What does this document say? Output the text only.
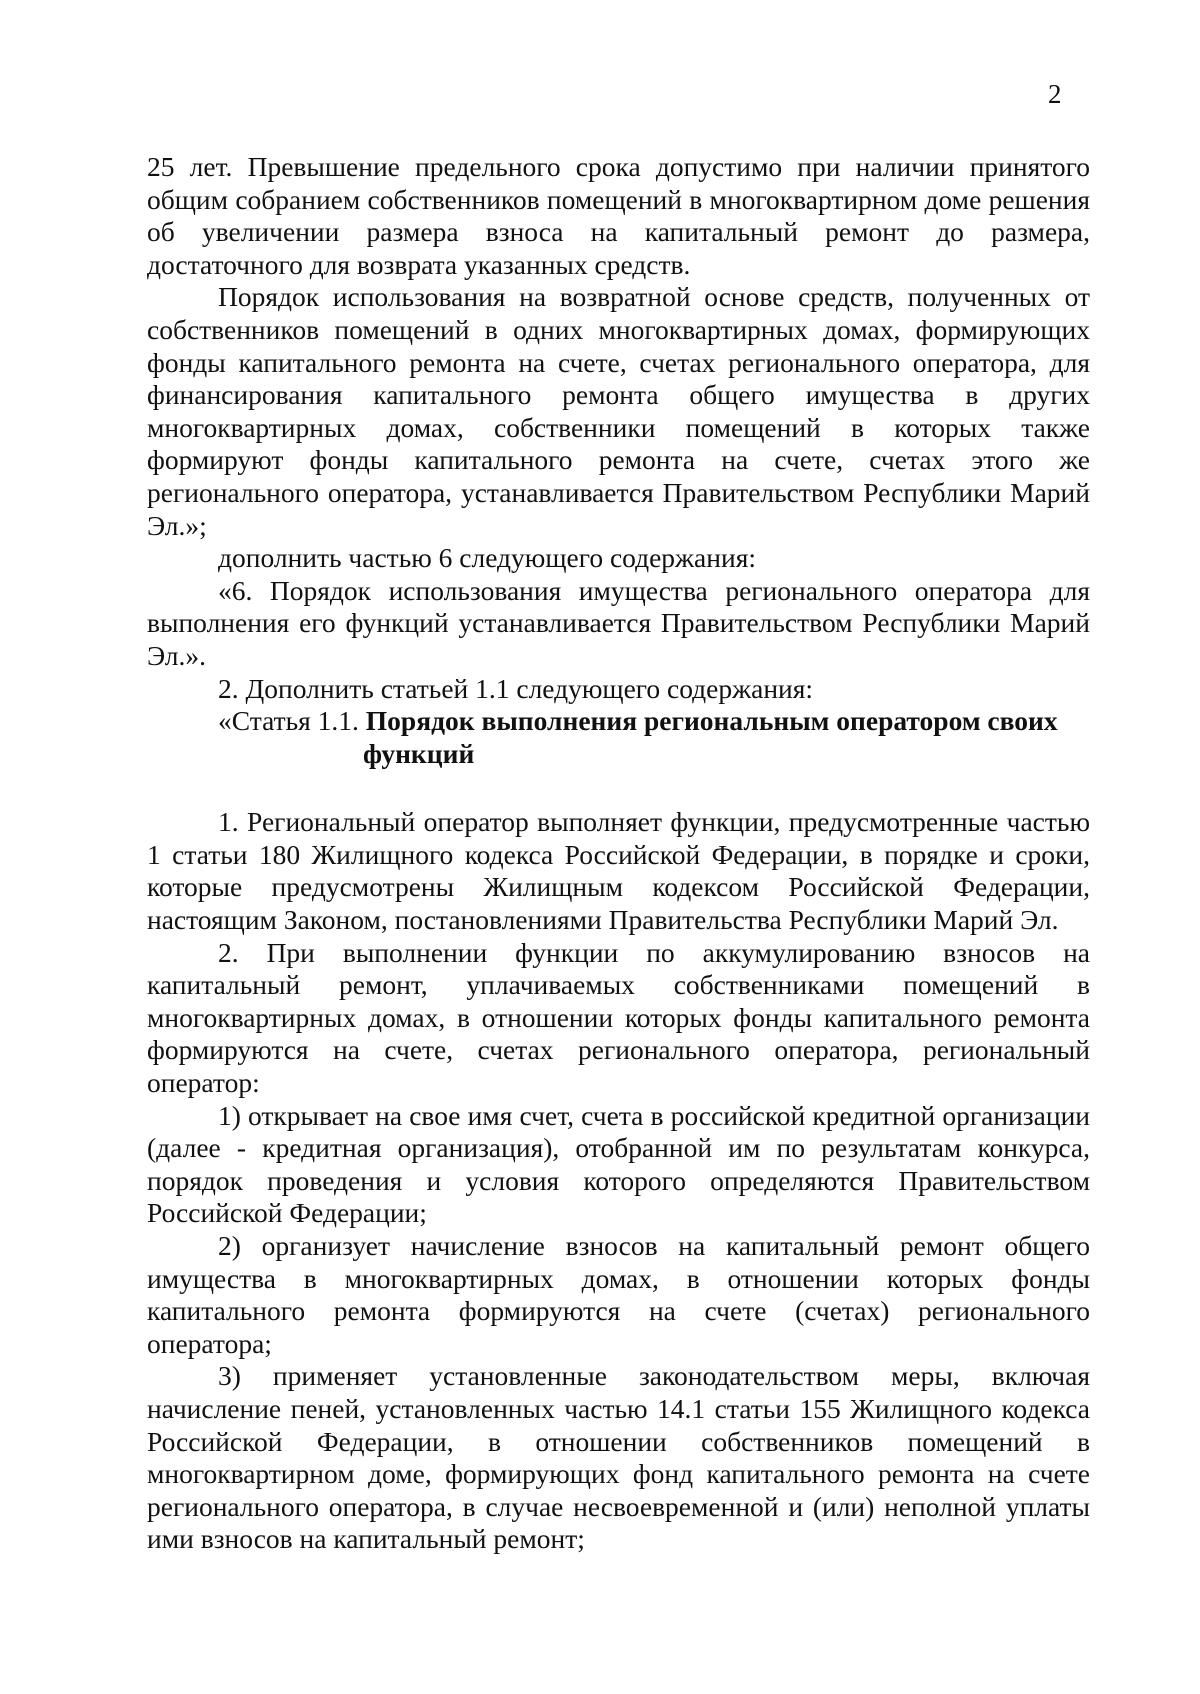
2

25 лет. Превышение предельного срока допустимо при наличии принятого общим собранием собственников помещений в многоквартирном доме решения об увеличении размера взноса на капитальный ремонт до размера, достаточного для возврата указанных средств.

Порядок использования на возвратной основе средств, полученных от собственников помещений в одних многоквартирных домах, формирующих фонды капитального ремонта на счете, счетах регионального оператора, для финансирования капитального ремонта общего имущества в других многоквартирных домах, собственники помещений в которых также формируют фонды капитального ремонта на счете, счетах этого же регионального оператора, устанавливается Правительством Республики Марий Эл.»;

дополнить частью 6 следующего содержания:

«6. Порядок использования имущества регионального оператора для выполнения его функций устанавливается Правительством Республики Марий Эл.».

2. Дополнить статьей 1.1 следующего содержания:

«Статья 1.1. Порядок выполнения региональным оператором своих

функций

1. Региональный оператор выполняет функции, предусмотренные частью 1 статьи 180 Жилищного кодекса Российской Федерации, в порядке и сроки, которые предусмотрены Жилищным кодексом Российской Федерации, настоящим Законом, постановлениями Правительства Республики Марий Эл.

2. При выполнении функции по аккумулированию взносов на капитальный ремонт, уплачиваемых собственниками помещений в многоквартирных домах, в отношении которых фонды капитального ремонта формируются на счете, счетах регионального оператора, региональный оператор:

1) открывает на свое имя счет, счета в российской кредитной организации (далее - кредитная организация), отобранной им по результатам конкурса, порядок проведения и условия которого определяются Правительством Российской Федерации;

2) организует начисление взносов на капитальный ремонт общего имущества в многоквартирных домах, в отношении которых фонды капитального ремонта формируются на счете (счетах) регионального оператора;

3) применяет установленные законодательством меры, включая начисление пеней, установленных частью 14.1 статьи 155 Жилищного кодекса Российской Федерации, в отношении собственников помещений в многоквартирном доме, формирующих фонд капитального ремонта на счете регионального оператора, в случае несвоевременной и (или) неполной уплаты ими взносов на капитальный ремонт;
